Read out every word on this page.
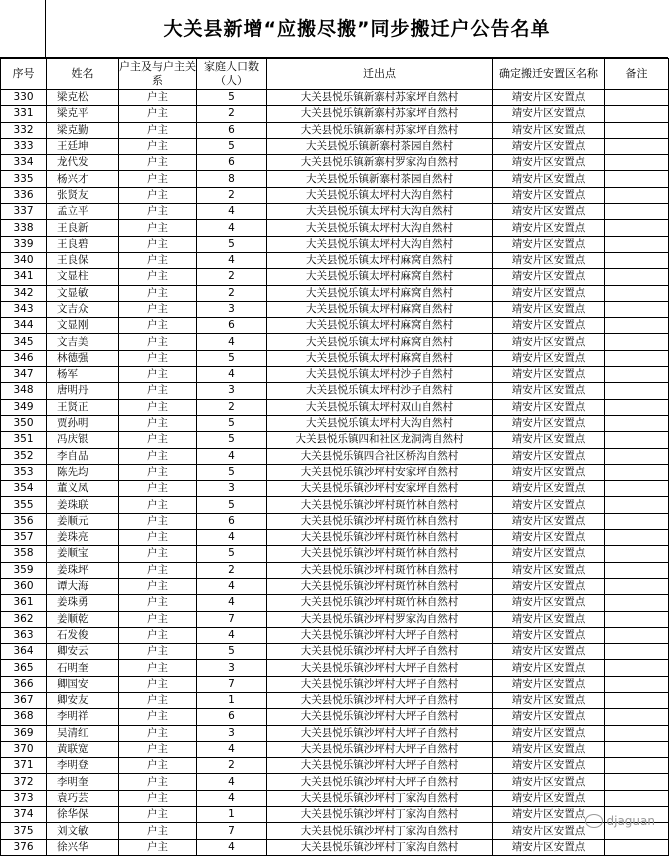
大关县新增“应搬尽搬”同步搬迁户公告名单
序号	姓名	户主及与户主关系	家庭人口数（人）	迁出点	确定搬迁安置区名称	备注
330	梁克松	户主	5	大关县悦乐镇新寨村苏家坪自然村	靖安片区安置点	
331	梁克平	户主	2	大关县悦乐镇新寨村苏家坪自然村	靖安片区安置点	
332	梁克勤	户主	6	大关县悦乐镇新寨村苏家坪自然村	靖安片区安置点	
333	王廷坤	户主	5	大关县悦乐镇新寨村茶园自然村	靖安片区安置点	
334	龙代发	户主	6	大关县悦乐镇新寨村罗家沟自然村	靖安片区安置点	
335	杨兴才	户主	8	大关县悦乐镇新寨村茶园自然村	靖安片区安置点	
336	张贤友	户主	2	大关县悦乐镇太坪村大沟自然村	靖安片区安置点	
337	孟立平	户主	4	大关县悦乐镇太坪村大沟自然村	靖安片区安置点	
338	王良新	户主	4	大关县悦乐镇太坪村大沟自然村	靖安片区安置点	
339	王良碧	户主	5	大关县悦乐镇太坪村大沟自然村	靖安片区安置点	
340	王良保	户主	4	大关县悦乐镇太坪村麻窝自然村	靖安片区安置点	
341	文显柱	户主	2	大关县悦乐镇太坪村麻窝自然村	靖安片区安置点	
342	文显敏	户主	2	大关县悦乐镇太坪村麻窝自然村	靖安片区安置点	
343	文吉众	户主	3	大关县悦乐镇太坪村麻窝自然村	靖安片区安置点	
344	文显刚	户主	6	大关县悦乐镇太坪村麻窝自然村	靖安片区安置点	
345	文吉美	户主	4	大关县悦乐镇太坪村麻窝自然村	靖安片区安置点	
346	林德强	户主	5	大关县悦乐镇太坪村麻窝自然村	靖安片区安置点	
347	杨军	户主	4	大关县悦乐镇太坪村沙子自然村	靖安片区安置点	
348	唐明丹	户主	3	大关县悦乐镇太坪村沙子自然村	靖安片区安置点	
349	王贤正	户主	2	大关县悦乐镇太坪村双山自然村	靖安片区安置点	
350	贾孙明	户主	5	大关县悦乐镇太坪村大沟自然村	靖安片区安置点	
351	冯庆银	户主	5	大关县悦乐镇四和社区龙洞湾自然村	靖安片区安置点	
352	李自品	户主	4	大关县悦乐镇四合社区桥沟自然村	靖安片区安置点	
353	陈先均	户主	5	大关县悦乐镇沙坪村安家坪自然村	靖安片区安置点	
354	董义凤	户主	3	大关县悦乐镇沙坪村安家坪自然村	靖安片区安置点	
355	姜珠联	户主	5	大关县悦乐镇沙坪村斑竹林自然村	靖安片区安置点	
356	姜顺元	户主	6	大关县悦乐镇沙坪村斑竹林自然村	靖安片区安置点	
357	姜珠亮	户主	4	大关县悦乐镇沙坪村斑竹林自然村	靖安片区安置点	
358	姜顺宝	户主	5	大关县悦乐镇沙坪村斑竹林自然村	靖安片区安置点	
359	姜珠坪	户主	2	大关县悦乐镇沙坪村斑竹林自然村	靖安片区安置点	
360	谭大海	户主	4	大关县悦乐镇沙坪村斑竹林自然村	靖安片区安置点	
361	姜珠勇	户主	4	大关县悦乐镇沙坪村斑竹林自然村	靖安片区安置点	
362	姜顺乾	户主	7	大关县悦乐镇沙坪村罗家沟自然村	靖安片区安置点	
363	石发俊	户主	4	大关县悦乐镇沙坪村大坪子自然村	靖安片区安置点	
364	卿安云	户主	5	大关县悦乐镇沙坪村大坪子自然村	靖安片区安置点	
365	石明奎	户主	3	大关县悦乐镇沙坪村大坪子自然村	靖安片区安置点	
366	卿国安	户主	7	大关县悦乐镇沙坪村大坪子自然村	靖安片区安置点	
367	卿安友	户主	1	大关县悦乐镇沙坪村大坪子自然村	靖安片区安置点	
368	李明祥	户主	6	大关县悦乐镇沙坪村大坪子自然村	靖安片区安置点	
369	吴清红	户主	3	大关县悦乐镇沙坪村大坪子自然村	靖安片区安置点	
370	黄联宽	户主	4	大关县悦乐镇沙坪村大坪子自然村	靖安片区安置点	
371	李明登	户主	2	大关县悦乐镇沙坪村大坪子自然村	靖安片区安置点	
372	李明奎	户主	4	大关县悦乐镇沙坪村大坪子自然村	靖安片区安置点	
373	袁巧芸	户主	4	大关县悦乐镇沙坪村丁家沟自然村	靖安片区安置点	
374	徐华保	户主	1	大关县悦乐镇沙坪村丁家沟自然村	靖安片区安置点	
375	刘文敏	户主	7	大关县悦乐镇沙坪村丁家沟自然村	靖安片区安置点	
376	徐兴华	户主	4	大关县悦乐镇沙坪村丁家沟自然村	靖安片区安置点	
djaguan
